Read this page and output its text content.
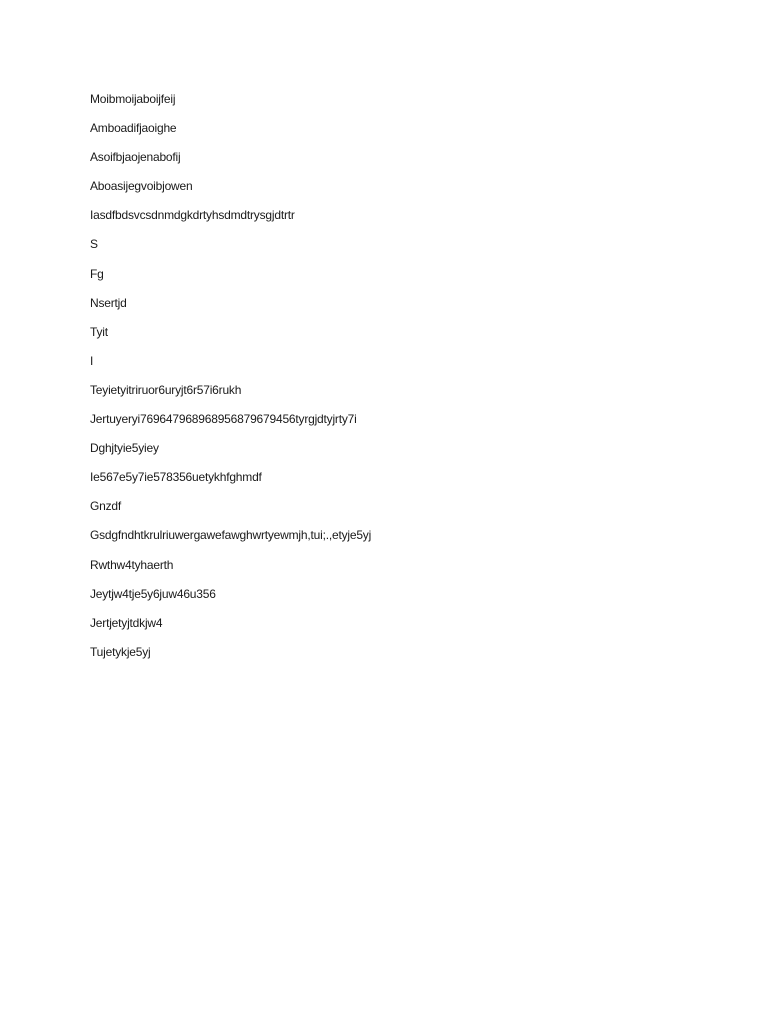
Moibmoijaboijfeij
Amboadifjaoighe
Asoifbjaojenabofij
Aboasijegvoibjowen
Iasdfbdsvcsdnmdgkdrtyhsdmdtrysgjdtrtr
S
Fg
Nsertjd
Tyit
I
Teyietyitriruor6uryjt6r57i6rukh
Jertuyeryi769647968968956879679456tyrgjdtyjrty7i
Dghjtyie5yiey
Ie567e5y7ie578356uetykhfghmdf
Gnzdf
Gsdgfndhtkrulriuwergawefawghwrtyewmjh,tui;.,etyje5yj
Rwthw4tyhaerth
Jeytjw4tje5y6juw46u356
Jertjetyjtdkjw4
Tujetykje5yj
